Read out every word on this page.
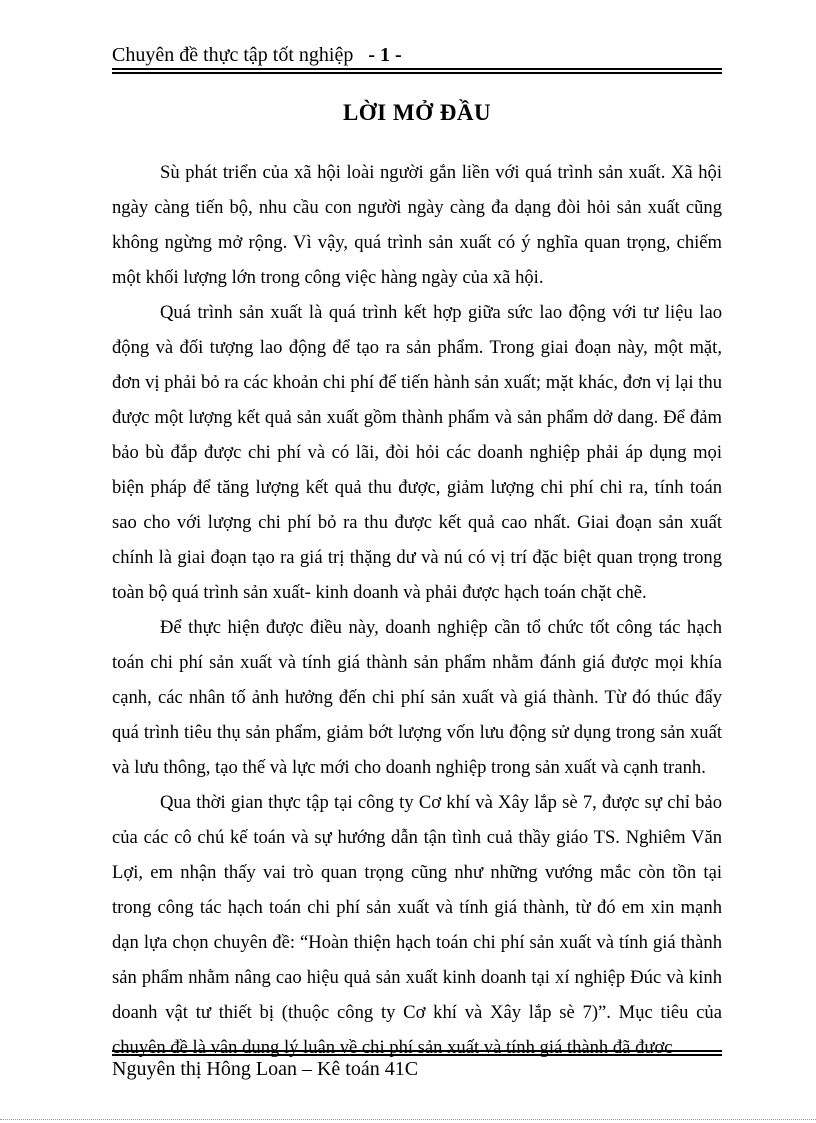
Chuyên đề thực tập tốt nghiệp - 1 -
LỜI MỞ ĐẦU

Sù phát triển của xã hội loài người gắn liền với quá trình sản xuất. Xã hội ngày càng tiến bộ, nhu cầu con người ngày càng đa dạng đòi hỏi sản xuất cũng không ngừng mở rộng. Vì vậy, quá trình sản xuất có ý nghĩa quan trọng, chiếm một khối lượng lớn trong công việc hàng ngày của xã hội.

Quá trình sản xuất là quá trình kết hợp giữa sức lao động với tư liệu lao động và đối tượng lao động để tạo ra sản phẩm. Trong giai đoạn này, một mặt, đơn vị phải bỏ ra các khoản chi phí để tiến hành sản xuất; mặt khác, đơn vị lại thu được một lượng kết quả sản xuất gồm thành phẩm và sản phẩm dở dang. Để đảm bảo bù đắp được chi phí và có lãi, đòi hỏi các doanh nghiệp phải áp dụng mọi biện pháp để tăng lượng kết quả thu được, giảm lượng chi phí chi ra, tính toán sao cho với lượng chi phí bỏ ra thu được kết quả cao nhất. Giai đoạn sản xuất chính là giai đoạn tạo ra giá trị thặng dư và nú có vị trí đặc biệt quan trọng trong toàn bộ quá trình sản xuất- kinh doanh và phải được hạch toán chặt chẽ.

Để thực hiện được điều này, doanh nghiệp cần tổ chức tốt công tác hạch toán chi phí sản xuất và tính giá thành sản phẩm nhằm đánh giá được mọi khía cạnh, các nhân tố ảnh hưởng đến chi phí sản xuất và giá thành. Từ đó thúc đẩy quá trình tiêu thụ sản phẩm, giảm bớt lượng vốn lưu động sử dụng trong sản xuất và lưu thông, tạo thế và lực mới cho doanh nghiệp trong sản xuất và cạnh tranh.

Qua thời gian thực tập tại công ty Cơ khí và Xây lắp sè 7, được sự chỉ bảo của các cô chú kế toán và sự hướng dẫn tận tình cuả thầy giáo TS. Nghiêm Văn Lợi, em nhận thấy vai trò quan trọng cũng như những vướng mắc còn tồn tại trong công tác hạch toán chi phí sản xuất và tính giá thành, từ đó em xin mạnh dạn lựa chọn chuyên đề: “Hoàn thiện hạch toán chi phí sản xuất và tính giá thành sản phẩm nhằm nâng cao hiệu quả sản xuất kinh doanh tại xí nghiệp Đúc và kinh doanh vật tư thiết bị (thuộc công ty Cơ khí và Xây lắp sè 7)”. Mục tiêu của chuyên đề là vận dụng lý luận về chi phí sản xuất và tính giá thành đã được

Nguyên thị Hông Loan – Kê toán 41C
